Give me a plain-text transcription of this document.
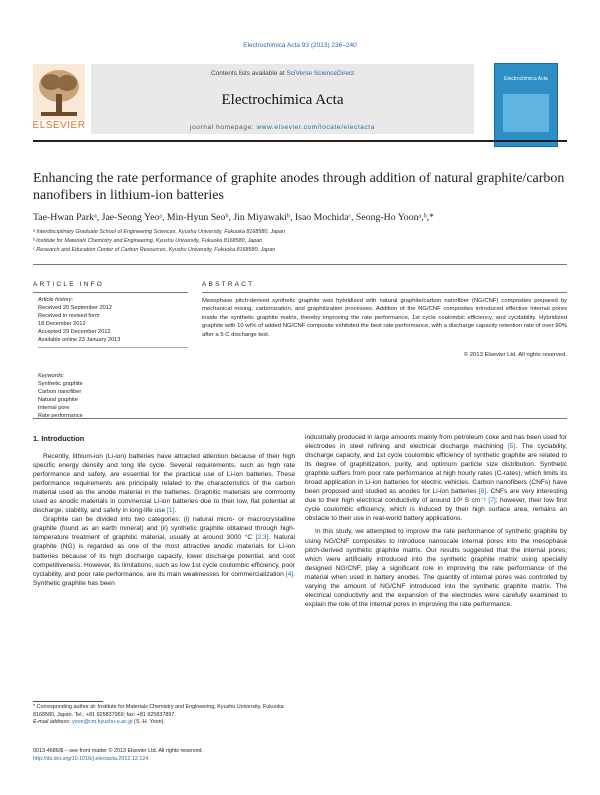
Electrochimica Acta 93 (2013) 236–240
Contents lists available at SciVerse ScienceDirect
Electrochimica Acta
journal homepage: www.elsevier.com/locate/electacta
ELSEVIER
Electrochimica Acta
Enhancing the rate performance of graphite anodes through addition of natural graphite/carbon nanofibers in lithium-ion batteries
Tae-Hwan Parkᵃ, Jae-Seong Yeoᵃ, Min-Hyun Seoᵇ, Jin Miyawakiᵇ, Isao Mochidaᶜ, Seong-Ho Yoonᵃ,ᵇ,*
ᵃ Interdisciplinary Graduate School of Engineering Sciences, Kyushu University, Fukuoka 8168580, Japan
ᵇ Institute for Materials Chemistry and Engineering, Kyushu University, Fukuoka 8168580, Japan
ᶜ Research and Education Center of Carbon Resources, Kyushu University, Fukuoka 8168580, Japan
ARTICLE INFO	ABSTRACT
Article history:
Received 20 September 2012
Received in revised form
18 December 2012
Accepted 29 December 2012
Available online 23 January 2013
Keywords:
Synthetic graphite
Carbon nanofiber
Natural graphite
Internal pore
Rate performance
Mesophase pitch-derived synthetic graphite was hybridized with natural graphite/carbon nanofiber (NG/CNF) composites prepared by mechanical mixing, carbonization, and graphitization processes. Addition of the NG/CNF composites introduced effective internal pores inside the synthetic graphite matrix, thereby improving the rate performance, 1st cycle coulombic efficiency, and cycdability. Hybridized graphite with 10 wt% of added NG/CNF composite exhibited the best rate performance, with a discharge capacity retention rate of over 90% after a 5 C discharge test.
© 2013 Elsevier Ltd. All rights reserved.
1. Introduction

Recently, lithium-ion (Li-ion) batteries have attracted attention because of their high specific energy density and long life cycle. Several requirements, such as high rate performance and safety, are essential for the practical use of Li-ion batteries. These performance requirements are principally related to the characteristics of the carbon material used as the anode material in the batteries. Graphitic materials are commonly used as anodic materials in commercial Li-ion batteries due to their low, flat potential at discharge, stability, and safety in long-life use [1].

Graphite can be divided into two categories: (i) natural micro- or macrocrystalline graphite (found as an earth mineral) and (ii) synthetic graphite obtained through high-temperature treatment of graphitic material, usually at around 3000 °C [2,3]. Natural graphite (NG) is regarded as one of the most attractive anodic materials for Li-ion batteries because of its high discharge capacity, lower discharge potential, and cost competitiveness. However, its limitations, such as low 1st cycle coulombic efficiency, poor cyclability, and poor rate performance, are its main weaknesses for commercialization [4]. Synthetic graphite has been

industrially produced in large amounts mainly from petroleum coke and has been used for electrodes in steel refining and electrical discharge machining [5]. The cyclability, discharge capacity, and 1st cycle coulombic efficiency of synthetic graphite are related to its degree of graphitization, purity, and optimum particle size distribution. Synthetic graphite suffers from poor rate performance at high hourly rates (C-rates), which limits its broad application in Li-ion batteries for electric vehicles. Carbon nanofibers (CNFs) have been proposed and studied as anodes for Li-ion batteries [6]. CNFs are very interesting due to their high electrical conductivity of around 10³ S cm⁻¹ [7]; however, their low first cycle coulombic efficiency, which is induced by their high surface area, remains an obstacle to their use in real-world battery applications.

In this study, we attempted to improve the rate performance of synthetic graphite by using NG/CNF composites to introduce nanoscale internal pores into the mesophase pitch-derived synthetic graphite matrix. Our results suggested that the internal pores, which were artificially introduced into the synthetic graphite matrix using specially designed NG/CNF, play a significant role in improving the rate performance of the material when used in battery anodes. The quantity of internal pores was controlled by varying the amount of NG/CNF introduced into the synthetic graphite matrix. The electrical conductivity and the expansion of the electrodes were carefully examined to explain the role of the internal pores in improving the rate performance.

* Corresponding author at: Institute for Materials Chemistry and Engineering, Kyushu University, Fukuoka 8168580, Japan. Tel.: +81 925837959; fax: +81 925837897.
E-mail address: yoon@cm.kyushu-u.ac.jp (S.-H. Yoon).
0013-4686/$ – see front matter © 2013 Elsevier Ltd. All rights reserved.
http://dx.doi.org/10.1016/j.electacta.2012.12.124
